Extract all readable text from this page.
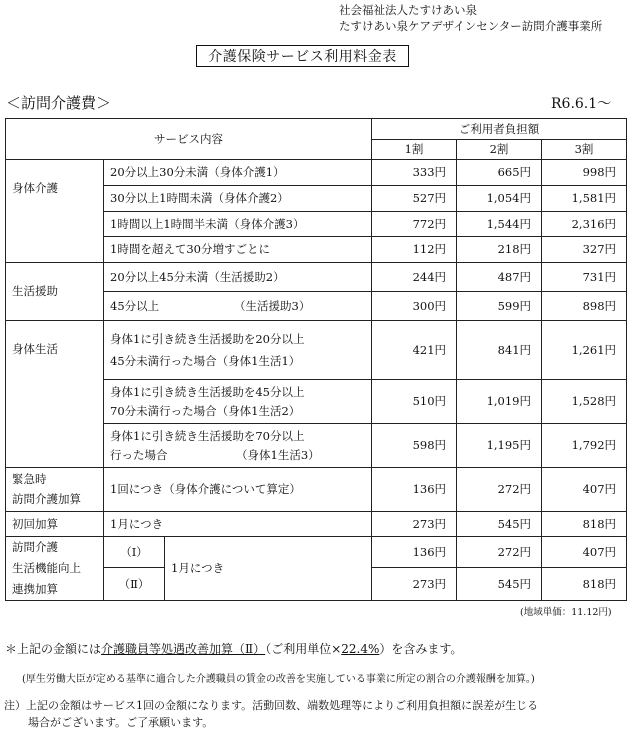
社会福祉法人たすけあい泉
たすけあい泉ケアデザインセンター訪問介護事業所
介護保険サービス利用料金表
＜訪問介護費＞	R6.6.1～
サービス内容			ご利用者負担額		
			1割	2割	3割
身体介護	20分以上30分未満（身体介護1）		333円	665円	998円
	30分以上1時間未満（身体介護2）		527円	1,054円	1,581円
	1時間以上1時間半未満（身体介護3）		772円	1,544円	2,316円
	1時間を超えて30分増すごとに		112円	218円	327円
生活援助	20分以上45分未満（生活援助2）		244円	487円	731円
	45分以上 （生活援助3）		300円	599円	898円
身体生活	身体1に引き続き生活援助を20分以上
45分未満行った場合（身体1生活1）		421円	841円	1,261円

	身体1に引き続き生活援助を45分以上
70分未満行った場合（身体1生活2）		510円	1,019円	1,528円

	身体1に引き続き生活援助を70分以上
行った場合 （身体1生活3）		598円	1,195円	1,792円

緊急時
訪問介護加算	1回につき（身体介護について算定）		136円	272円	407円
初回加算	1月につき		273円	545円	818円

訪問介護
生活機能向上
連携加算	（Ⅰ）	1月につき	136円	272円	407円
	（Ⅱ）		273円	545円	818円
(地域単価：11.12円)
＊上記の金額には介護職員等処遇改善加算（Ⅱ）（ご利用単位×22.4%）を含みます。
(厚生労働大臣が定める基準に適合した介護職員の賃金の改善を実施している事業に所定の割合の介護報酬を加算。)
注）上記の金額はサービス1回の金額になります。活動回数、端数処理等によりご利用負担額に誤差が生じる
場合がございます。ご了承願います。
